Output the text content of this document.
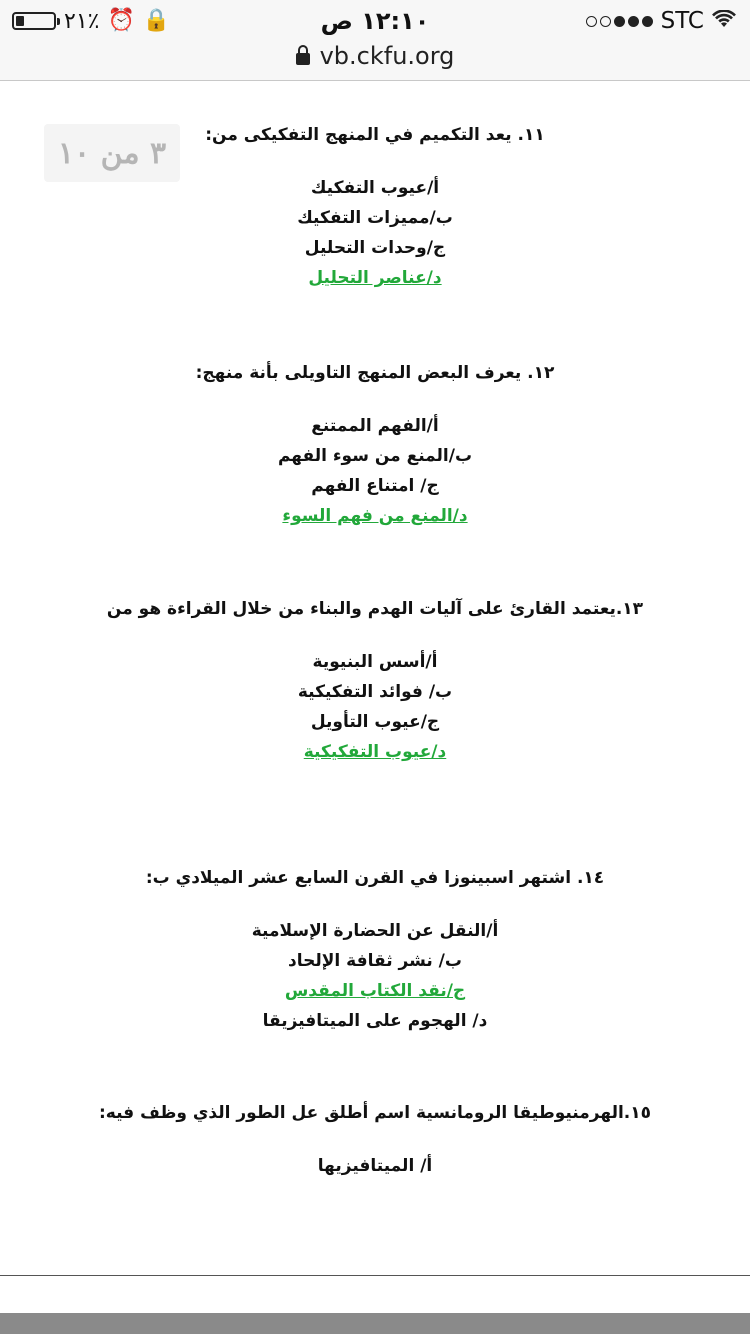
٢١٪ ⏰ 🔒	١٢:١٠ ص	STC
vb.ckfu.org
٣ من ١٠
١١. يعد التكميم في المنهج التفكيكى من:
أ/عيوب التفكيك
ب/مميزات التفكيك
ج/وحدات التحليل
د/عناصر التحليل
١٢. يعرف البعض المنهج التاويلى بأنة منهج:
أ/الفهم الممتنع
ب/المنع من سوء الفهم
ج/ امتناع الفهم
د/المنع من فهم السوء
١٣.يعتمد القارئ على آليات الهدم والبناء من خلال القراءة هو من
أ/أسس البنيوية
ب/ فوائد التفكيكية
ج/عيوب التأويل
د/عيوب التفكيكية
١٤. اشتهر اسبينوزا في القرن السابع عشر الميلادي ب:
أ/النقل عن الحضارة الإسلامية
ب/ نشر ثقافة الإلحاد
ج/نقد الكتاب المقدس
د/ الهجوم على الميتافيزيقا
١٥.الهرمنيوطيقا الرومانسية اسم أطلق عل الطور الذي وظف فيه:
أ/ الميتافيزيها
